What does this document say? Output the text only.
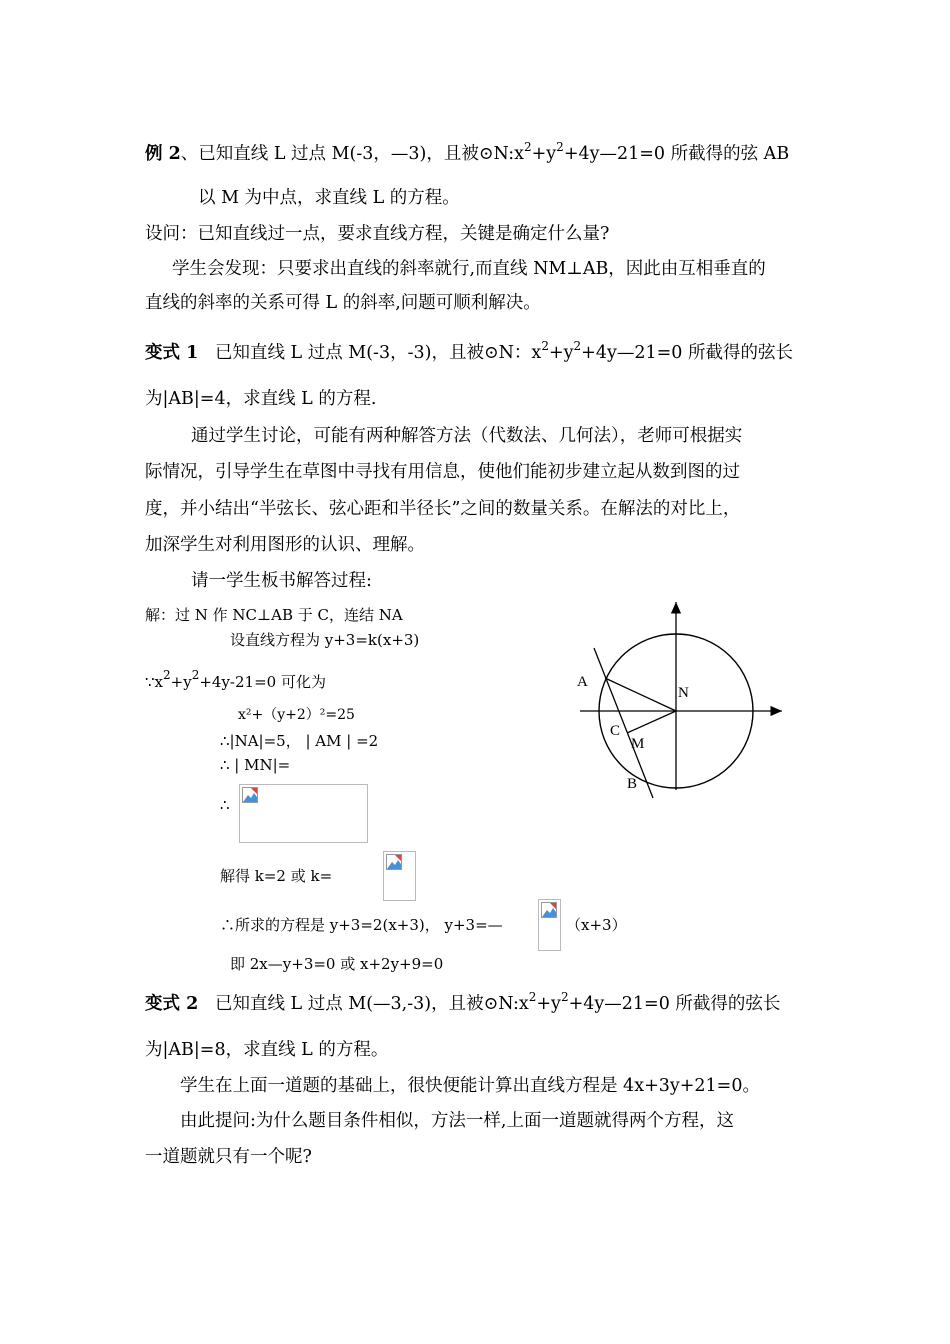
例 2、已知直线 L 过点 M(-3，—3)，且被$⊙N:x^2+y^2+4y—21=0$ 所截得的弦 AB
以 M 为中点，求直线 L 的方程。
设问：已知直线过一点，要求直线方程，关键是确定什么量?
学生会发现：只要求出直线的斜率就行,而直线 NM⊥AB，因此由互相垂直的
直线的斜率的关系可得 L 的斜率,问题可顺利解决。
变式 1 已知直线 L 过点 M(-3，-3)，且被⊙N：$x^2+y^2+4y—21=0$ 所截得的弦长
为|AB|=4，求直线 L 的方程.
通过学生讨论，可能有两种解答方法（代数法、几何法），老师可根据实
际情况，引导学生在草图中寻找有用信息，使他们能初步建立起从数到图的过
度，并小结出“半弦长、弦心距和半径长”之间的数量关系。在解法的对比上，
加深学生对利用图形的认识、理解。
请一学生板书解答过程:
解：过 N 作 NC⊥AB 于 C，连结 NA
设直线方程为 y+3=k(x+3)
$\because x^2+y^2+4y-21=0$ 可化为
x²+（y+2）²=25
∴|NA|=5， | AM | =2
∴ | MN|=
∴
解得 k=2 或 k=
∴所求的方程是 y+3=2(x+3)， y+3=—	（x+3）
即 2x—y+3=0 或 x+2y+9=0
A
N
C
M
B
变式 2 已知直线 L 过点 M(—3,-3)，且被$⊙N:x^2+y^2+4y—21=0$ 所截得的弦长
为|AB|=8，求直线 L 的方程。
学生在上面一道题的基础上，很快便能计算出直线方程是 4x+3y+21=0。
由此提问:为什么题目条件相似，方法一样,上面一道题就得两个方程，这
一道题就只有一个呢?
